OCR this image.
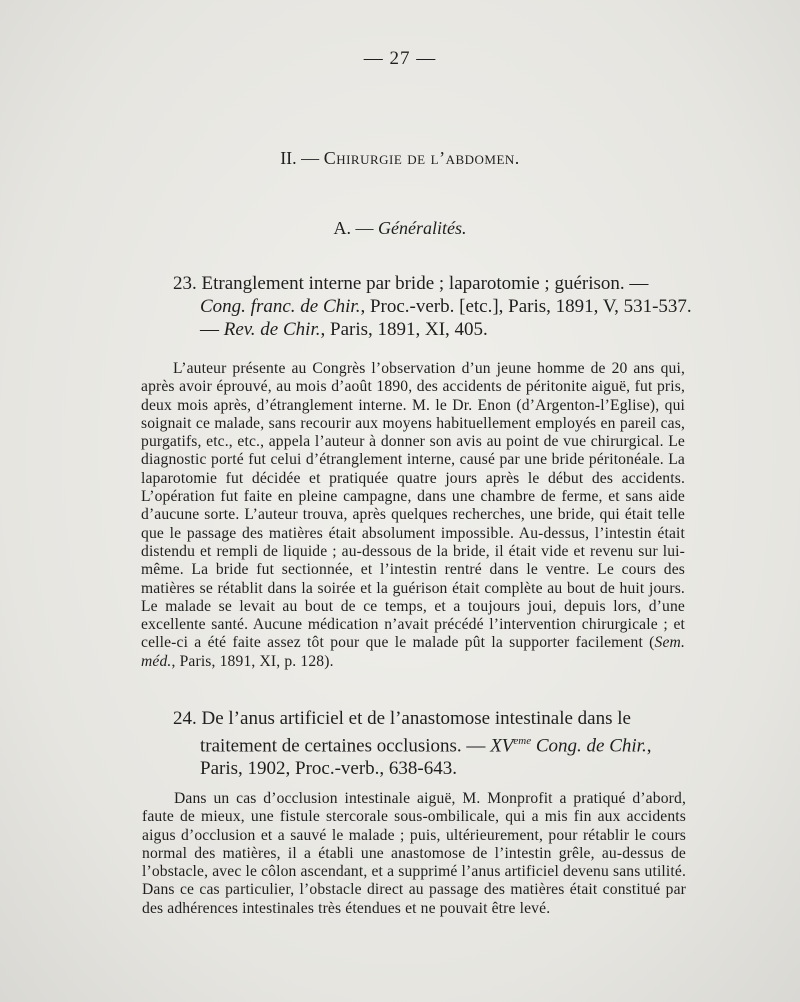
— 27 —
II. — Chirurgie de l’abdomen.
A. — Généralités.
23. Etranglement interne par bride ; laparotomie ; guérison. — Cong. franc. de Chir., Proc.-verb. [etc.], Paris, 1891, V, 531-537. — Rev. de Chir., Paris, 1891, XI, 405.
L’auteur présente au Congrès l’observation d’un jeune homme de 20 ans qui, après avoir éprouvé, au mois d’août 1890, des accidents de péritonite aiguë, fut pris, deux mois après, d’étranglement interne. M. le Dr. Enon (d’Argenton-l’Eglise), qui soignait ce malade, sans recourir aux moyens habituellement employés en pareil cas, purgatifs, etc., etc., appela l’auteur à donner son avis au point de vue chirurgical. Le diagnostic porté fut celui d’étranglement interne, causé par une bride péritonéale. La laparotomie fut décidée et pratiquée quatre jours après le début des accidents. L’opération fut faite en pleine campagne, dans une chambre de ferme, et sans aide d’aucune sorte. L’auteur trouva, après quelques recherches, une bride, qui était telle que le passage des matières était absolument impossible. Au-dessus, l’intestin était distendu et rempli de liquide ; au-dessous de la bride, il était vide et revenu sur lui-même. La bride fut sectionnée, et l’intestin rentré dans le ventre. Le cours des matières se rétablit dans la soirée et la guérison était complète au bout de huit jours. Le malade se levait au bout de ce temps, et a toujours joui, depuis lors, d’une excellente santé. Aucune médication n’avait précédé l’intervention chirurgicale ; et celle-ci a été faite assez tôt pour que le malade pût la supporter facilement (Sem. méd., Paris, 1891, XI, p. 128).
24. De l’anus artificiel et de l’anastomose intestinale dans le traitement de certaines occlusions. — XVeme Cong. de Chir., Paris, 1902, Proc.-verb., 638-643.
Dans un cas d’occlusion intestinale aiguë, M. Monprofit a pratiqué d’abord, faute de mieux, une fistule stercorale sous-ombilicale, qui a mis fin aux accidents aigus d’occlusion et a sauvé le malade ; puis, ultérieurement, pour rétablir le cours normal des matières, il a établi une anastomose de l’intestin grêle, au-dessus de l’obstacle, avec le côlon ascendant, et a supprimé l’anus artificiel devenu sans utilité. Dans ce cas particulier, l’obstacle direct au passage des matières était constitué par des adhérences intestinales très étendues et ne pouvait être levé.
